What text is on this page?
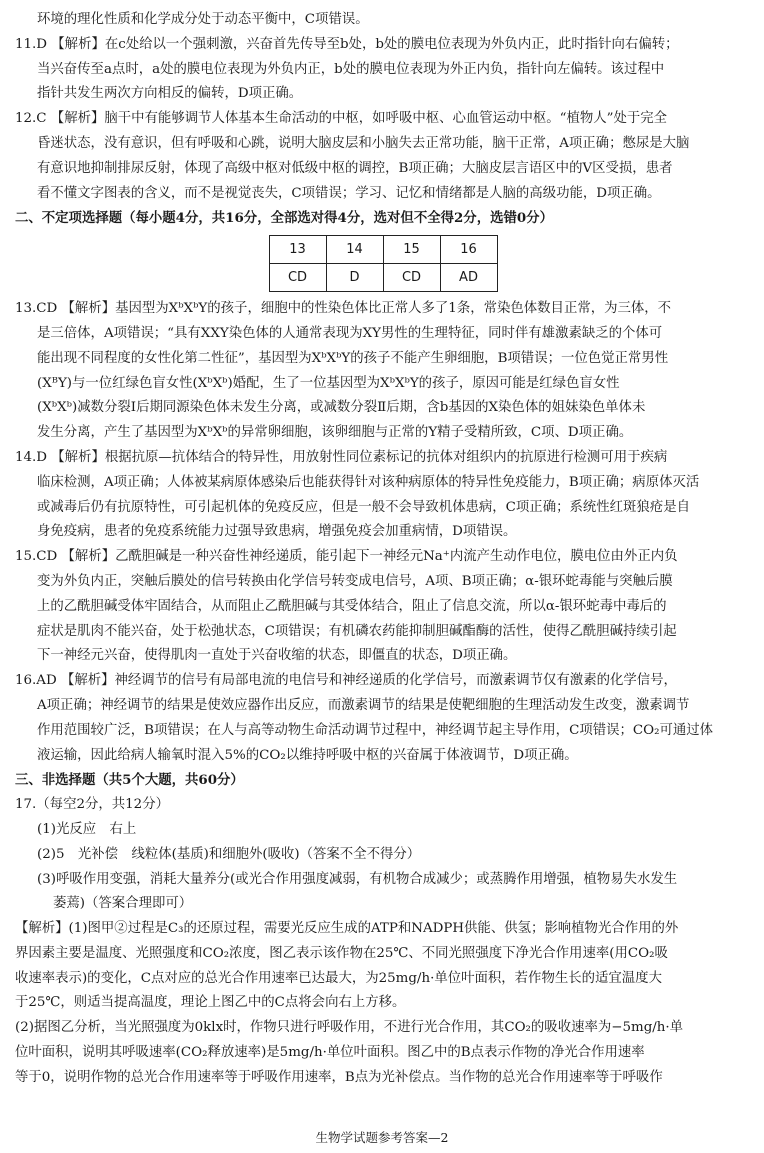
环境的理化性质和化学成分处于动态平衡中，C项错误。

11.D 【解析】在c处给以一个强刺激，兴奋首先传导至b处，b处的膜电位表现为外负内正，此时指针向右偏转；

当兴奋传至a点时，a处的膜电位表现为外负内正，b处的膜电位表现为外正内负，指针向左偏转。该过程中

指针共发生两次方向相反的偏转，D项正确。

12.C 【解析】脑干中有能够调节人体基本生命活动的中枢，如呼吸中枢、心血管运动中枢。“植物人”处于完全

昏迷状态，没有意识，但有呼吸和心跳，说明大脑皮层和小脑失去正常功能，脑干正常，A项正确；憋尿是大脑

有意识地抑制排尿反射，体现了高级中枢对低级中枢的调控，B项正确；大脑皮层言语区中的V区受损，患者

看不懂文字图表的含义，而不是视觉丧失，C项错误；学习、记忆和情绪都是人脑的高级功能，D项正确。

二、不定项选择题（每小题4分，共16分，全部选对得4分，选对但不全得2分，选错0分）

13	14	15	16
CD	D	CD	AD

13.CD 【解析】基因型为XᵇXᵇY的孩子，细胞中的性染色体比正常人多了1条，常染色体数目正常，为三体，不

是三倍体，A项错误；“具有XXY染色体的人通常表现为XY男性的生理特征，同时伴有雄激素缺乏的个体可

能出现不同程度的女性化第二性征”，基因型为XᵇXᵇY的孩子不能产生卵细胞，B项错误；一位色觉正常男性

(XᴮY)与一位红绿色盲女性(XᵇXᵇ)婚配，生了一位基因型为XᵇXᵇY的孩子，原因可能是红绿色盲女性

(XᵇXᵇ)减数分裂Ⅰ后期同源染色体未发生分离，或减数分裂Ⅱ后期，含b基因的X染色体的姐妹染色单体未

发生分离，产生了基因型为XᵇXᵇ的异常卵细胞，该卵细胞与正常的Y精子受精所致，C项、D项正确。

14.D 【解析】根据抗原—抗体结合的特异性，用放射性同位素标记的抗体对组织内的抗原进行检测可用于疾病

临床检测，A项正确；人体被某病原体感染后也能获得针对该种病原体的特异性免疫能力，B项正确；病原体灭活

或减毒后仍有抗原特性，可引起机体的免疫反应，但是一般不会导致机体患病，C项正确；系统性红斑狼疮是自

身免疫病，患者的免疫系统能力过强导致患病，增强免疫会加重病情，D项错误。

15.CD 【解析】乙酰胆碱是一种兴奋性神经递质，能引起下一神经元Na⁺内流产生动作电位，膜电位由外正内负

变为外负内正，突触后膜处的信号转换由化学信号转变成电信号，A项、B项正确；α-银环蛇毒能与突触后膜

上的乙酰胆碱受体牢固结合，从而阻止乙酰胆碱与其受体结合，阻止了信息交流，所以α-银环蛇毒中毒后的

症状是肌肉不能兴奋，处于松弛状态，C项错误；有机磷农药能抑制胆碱酯酶的活性，使得乙酰胆碱持续引起

下一神经元兴奋，使得肌肉一直处于兴奋收缩的状态，即僵直的状态，D项正确。

16.AD 【解析】神经调节的信号有局部电流的电信号和神经递质的化学信号，而激素调节仅有激素的化学信号，

A项正确；神经调节的结果是使效应器作出反应，而激素调节的结果是使靶细胞的生理活动发生改变，激素调节

作用范围较广泛，B项错误；在人与高等动物生命活动调节过程中，神经调节起主导作用，C项错误；CO₂可通过体

液运输，因此给病人输氧时混入5%的CO₂以维持呼吸中枢的兴奋属于体液调节，D项正确。

三、非选择题（共5个大题，共60分）

17.（每空2分，共12分）

(1)光反应　右上

(2)5　光补偿　线粒体(基质)和细胞外(吸收)（答案不全不得分）

(3)呼吸作用变强，消耗大量养分(或光合作用强度减弱，有机物合成减少；或蒸腾作用增强，植物易失水发生

萎蔫)（答案合理即可）

【解析】(1)图甲②过程是C₃的还原过程，需要光反应生成的ATP和NADPH供能、供氢；影响植物光合作用的外

界因素主要是温度、光照强度和CO₂浓度，图乙表示该作物在25℃、不同光照强度下净光合作用速率(用CO₂吸

收速率表示)的变化，C点对应的总光合作用速率已达最大，为25mg/h·单位叶面积，若作物生长的适宜温度大

于25℃，则适当提高温度，理论上图乙中的C点将会向右上方移。

(2)据图乙分析，当光照强度为0klx时，作物只进行呼吸作用，不进行光合作用，其CO₂的吸收速率为−5mg/h·单

位叶面积，说明其呼吸速率(CO₂释放速率)是5mg/h·单位叶面积。图乙中的B点表示作物的净光合作用速率

等于0，说明作物的总光合作用速率等于呼吸作用速率，B点为光补偿点。当作物的总光合作用速率等于呼吸作

生物学试题参考答案—2
